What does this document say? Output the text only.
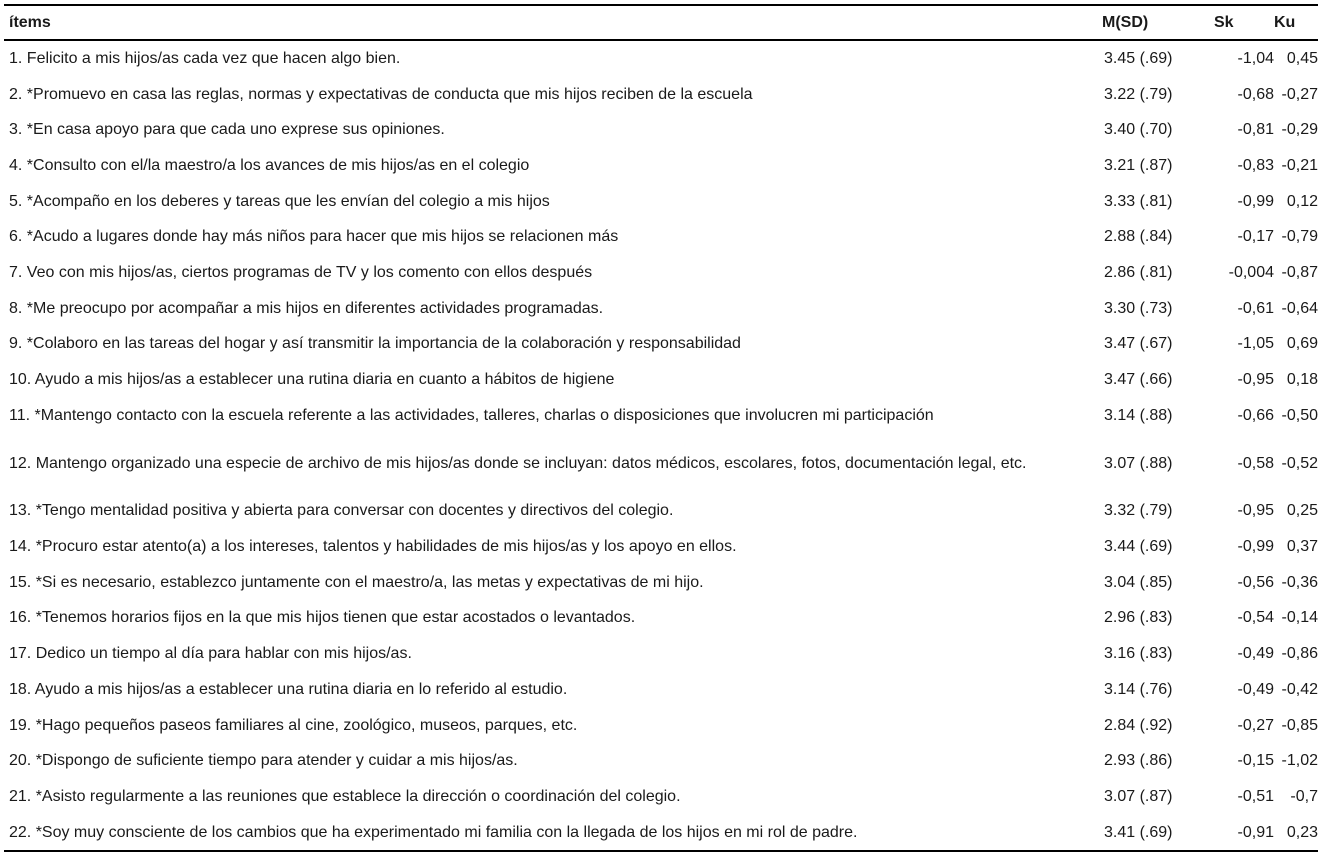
ítems	M(SD)	Sk	Ku
1. Felicito a mis hijos/as cada vez que hacen algo bien.	3.45 (.69)	-1,04	0,45
2. *Promuevo en casa las reglas, normas y expectativas de conducta que mis hijos reciben de la escuela	3.22 (.79)	-0,68	-0,27
3. *En casa apoyo para que cada uno exprese sus opiniones.	3.40 (.70)	-0,81	-0,29
4. *Consulto con el/la maestro/a los avances de mis hijos/as en el colegio	3.21 (.87)	-0,83	-0,21
5. *Acompaño en los deberes y tareas que les envían del colegio a mis hijos	3.33 (.81)	-0,99	0,12
6. *Acudo a lugares donde hay más niños para hacer que mis hijos se relacionen más	2.88 (.84)	-0,17	-0,79
7. Veo con mis hijos/as, ciertos programas de TV y los comento con ellos después	2.86 (.81)	-0,004	-0,87
8. *Me preocupo por acompañar a mis hijos en diferentes actividades programadas.	3.30 (.73)	-0,61	-0,64
9. *Colaboro en las tareas del hogar y así transmitir la importancia de la colaboración y responsabilidad	3.47 (.67)	-1,05	0,69
10. Ayudo a mis hijos/as a establecer una rutina diaria en cuanto a hábitos de higiene	3.47 (.66)	-0,95	0,18
11. *Mantengo contacto con la escuela referente a las actividades, talleres, charlas o disposiciones que involucren mi participación	3.14 (.88)	-0,66	-0,50
12. Mantengo organizado una especie de archivo de mis hijos/as donde se incluyan: datos médicos, escolares, fotos, documentación legal, etc.	3.07 (.88)	-0,58	-0,52
13. *Tengo mentalidad positiva y abierta para conversar con docentes y directivos del colegio.	3.32 (.79)	-0,95	0,25
14. *Procuro estar atento(a) a los intereses, talentos y habilidades de mis hijos/as y los apoyo en ellos.	3.44 (.69)	-0,99	0,37
15. *Si es necesario, establezco juntamente con el maestro/a, las metas y expectativas de mi hijo.	3.04 (.85)	-0,56	-0,36
16. *Tenemos horarios fijos en la que mis hijos tienen que estar acostados o levantados.	2.96 (.83)	-0,54	-0,14
17. Dedico un tiempo al día para hablar con mis hijos/as.	3.16 (.83)	-0,49	-0,86
18. Ayudo a mis hijos/as a establecer una rutina diaria en lo referido al estudio.	3.14 (.76)	-0,49	-0,42
19. *Hago pequeños paseos familiares al cine, zoológico, museos, parques, etc.	2.84 (.92)	-0,27	-0,85
20. *Dispongo de suficiente tiempo para atender y cuidar a mis hijos/as.	2.93 (.86)	-0,15	-1,02
21. *Asisto regularmente a las reuniones que establece la dirección o coordinación del colegio.	3.07 (.87)	-0,51	-0,7
22. *Soy muy consciente de los cambios que ha experimentado mi familia con la llegada de los hijos en mi rol de padre.	3.41 (.69)	-0,91	0,23
